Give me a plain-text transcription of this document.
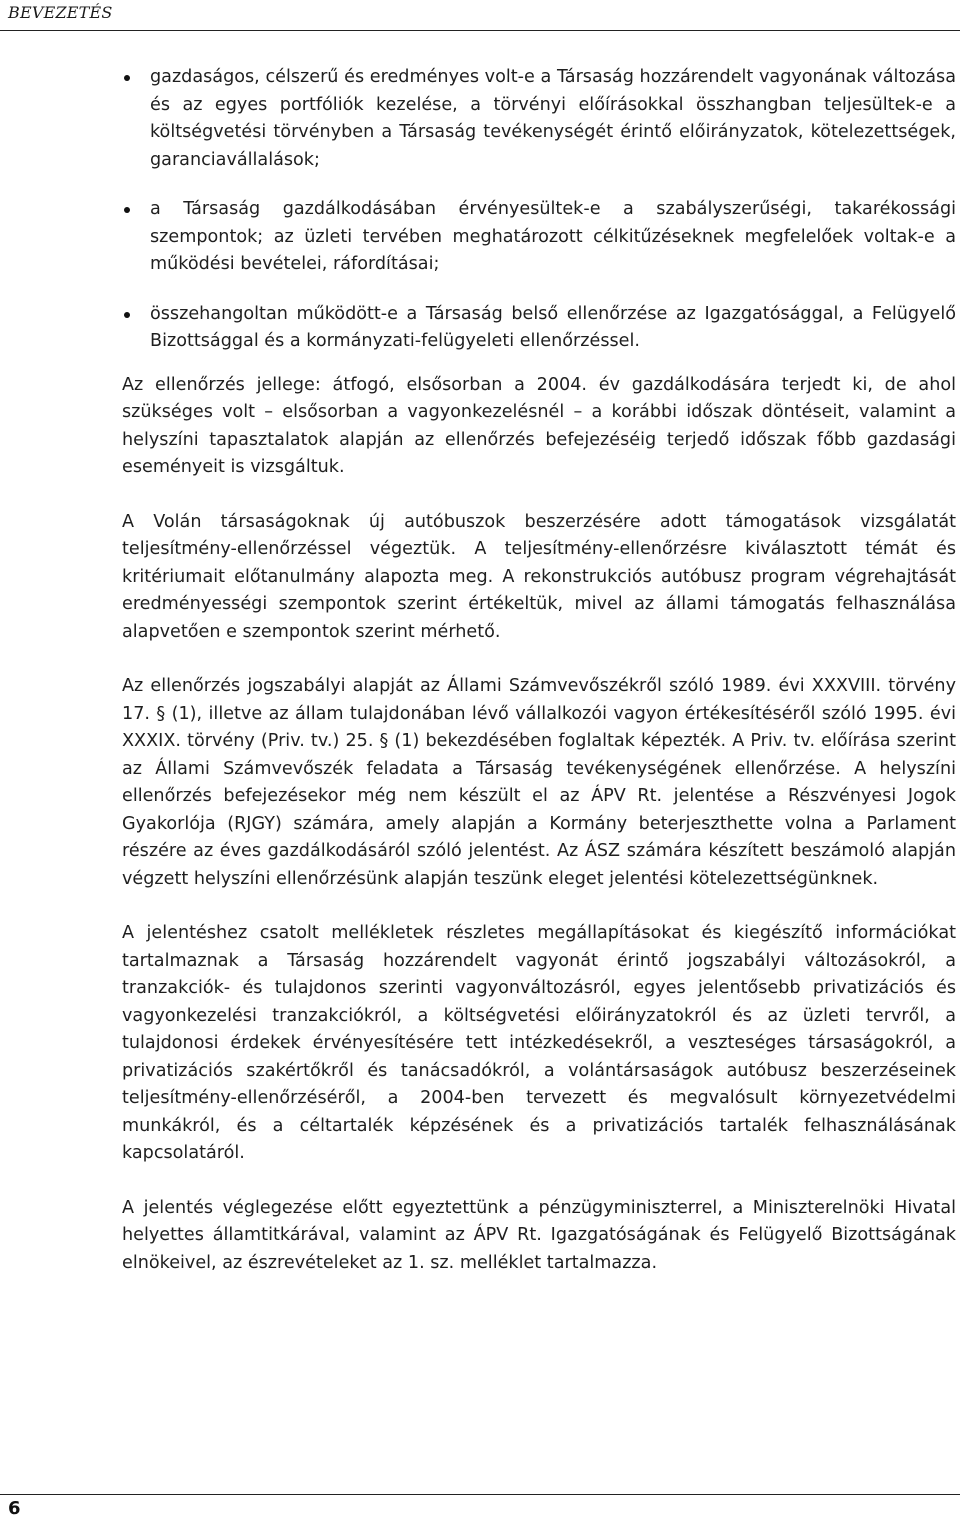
BEVEZETÉS
gazdaságos, célszerű és eredményes volt-e a Társaság hozzárendelt vagyonának változása és az egyes portfóliók kezelése, a törvényi előírásokkal összhangban teljesültek-e a költségvetési törvényben a Társaság tevékenységét érintő előirányzatok, kötelezettségek, garanciavállalások;
a Társaság gazdálkodásában érvényesültek-e a szabályszerűségi, takarékossági szempontok; az üzleti tervében meghatározott célkitűzéseknek megfelelőek voltak-e a működési bevételei, ráfordításai;
összehangoltan működött-e a Társaság belső ellenőrzése az Igazgatósággal, a Felügyelő Bizottsággal és a kormányzati-felügyeleti ellenőrzéssel.

Az ellenőrzés jellege: átfogó, elsősorban a 2004. év gazdálkodására terjedt ki, de ahol szükséges volt – elsősorban a vagyonkezelésnél – a korábbi időszak döntéseit, valamint a helyszíni tapasztalatok alapján az ellenőrzés befejezéséig terjedő időszak főbb gazdasági eseményeit is vizsgáltuk.

A Volán társaságoknak új autóbuszok beszerzésére adott támogatások vizsgálatát teljesítmény-ellenőrzéssel végeztük. A teljesítmény-ellenőrzésre kiválasztott témát és kritériumait előtanulmány alapozta meg. A rekonstrukciós autóbusz program végrehajtását eredményességi szempontok szerint értékeltük, mivel az állami támogatás felhasználása alapvetően e szempontok szerint mérhető.

Az ellenőrzés jogszabályi alapját az Állami Számvevőszékről szóló 1989. évi XXXVIII. törvény 17. § (1), illetve az állam tulajdonában lévő vállalkozói vagyon értékesítéséről szóló 1995. évi XXXIX. törvény (Priv. tv.) 25. § (1) bekezdésében foglaltak képezték. A Priv. tv. előírása szerint az Állami Számvevőszék feladata a Társaság tevékenységének ellenőrzése. A helyszíni ellenőrzés befejezésekor még nem készült el az ÁPV Rt. jelentése a Részvényesi Jogok Gyakorlója (RJGY) számára, amely alapján a Kormány beterjeszthette volna a Parlament részére az éves gazdálkodásáról szóló jelentést. Az ÁSZ számára készített beszámoló alapján végzett helyszíni ellenőrzésünk alapján teszünk eleget jelentési kötelezettségünknek.

A jelentéshez csatolt mellékletek részletes megállapításokat és kiegészítő információkat tartalmaznak a Társaság hozzárendelt vagyonát érintő jogszabályi változásokról, a tranzakciók- és tulajdonos szerinti vagyonváltozásról, egyes jelentősebb privatizációs és vagyonkezelési tranzakciókról, a költségvetési előirányzatokról és az üzleti tervről, a tulajdonosi érdekek érvényesítésére tett intézkedésekről, a veszteséges társaságokról, a privatizációs szakértőkről és tanácsadókról, a volántársaságok autóbusz beszerzéseinek teljesítmény-ellenőrzéséről, a 2004-ben tervezett és megvalósult környezetvédelmi munkákról, és a céltartalék képzésének és a privatizációs tartalék felhasználásának kapcsolatáról.

A jelentés véglegezése előtt egyeztettünk a pénzügyminiszterrel, a Miniszterelnöki Hivatal helyettes államtitkárával, valamint az ÁPV Rt. Igazgatóságának és Felügyelő Bizottságának elnökeivel, az észrevételeket az 1. sz. melléklet tartalmazza.

6
